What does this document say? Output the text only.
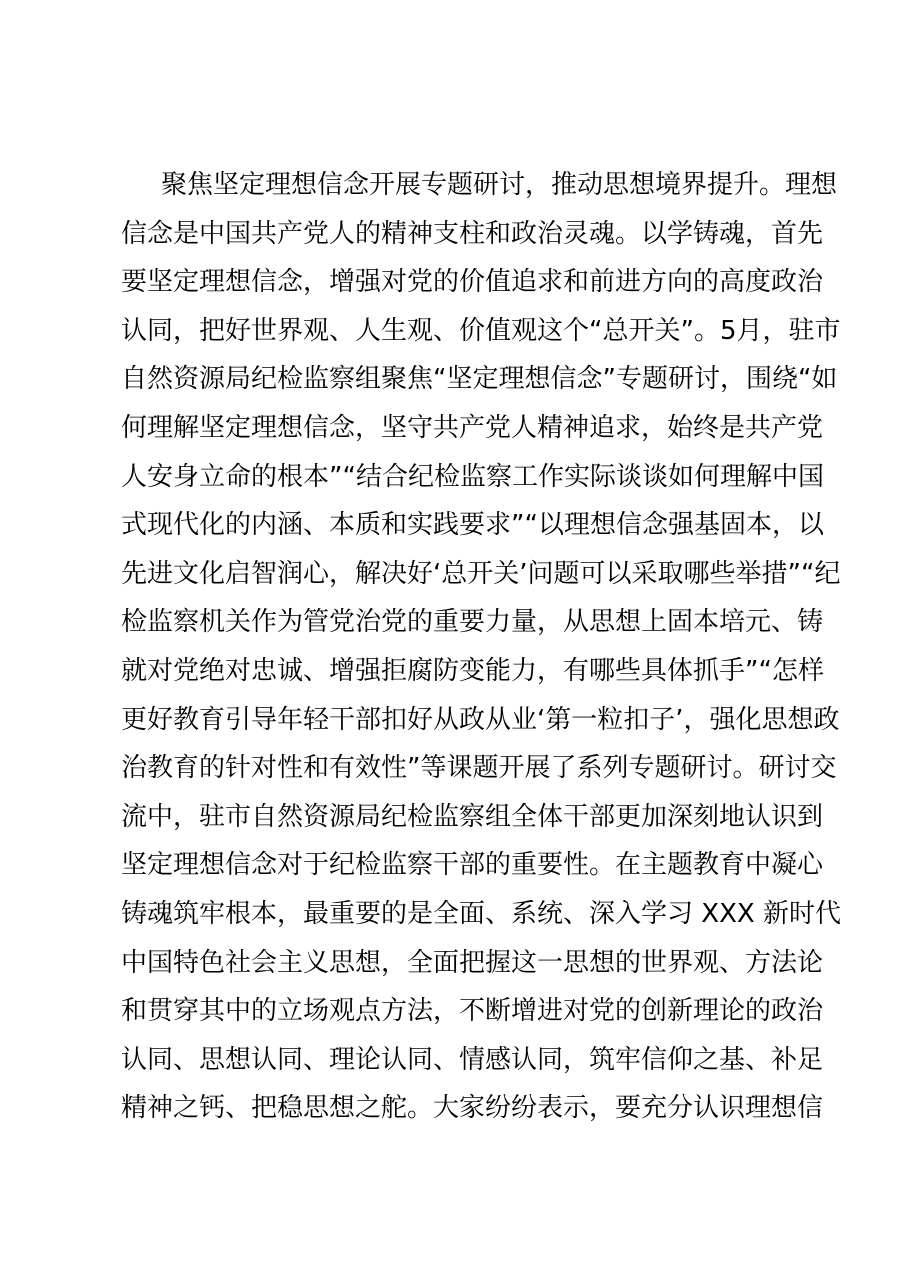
聚焦坚定理想信念开展专题研讨，推动思想境界提升。理想
信念是中国共产党人的精神支柱和政治灵魂。以学铸魂，首先
要坚定理想信念，增强对党的价值追求和前进方向的高度政治
认同，把好世界观、人生观、价值观这个“总开关”。5月，驻市
自然资源局纪检监察组聚焦“坚定理想信念”专题研讨，围绕“如
何理解坚定理想信念，坚守共产党人精神追求，始终是共产党
人安身立命的根本”“结合纪检监察工作实际谈谈如何理解中国
式现代化的内涵、本质和实践要求”“以理想信念强基固本，以
先进文化启智润心，解决好‘总开关’问题可以采取哪些举措”“纪
检监察机关作为管党治党的重要力量，从思想上固本培元、铸
就对党绝对忠诚、增强拒腐防变能力，有哪些具体抓手”“怎样
更好教育引导年轻干部扣好从政从业‘第一粒扣子’，强化思想政
治教育的针对性和有效性”等课题开展了系列专题研讨。研讨交
流中，驻市自然资源局纪检监察组全体干部更加深刻地认识到
坚定理想信念对于纪检监察干部的重要性。在主题教育中凝心
铸魂筑牢根本，最重要的是全面、系统、深入学习 XXX 新时代
中国特色社会主义思想，全面把握这一思想的世界观、方法论
和贯穿其中的立场观点方法，不断增进对党的创新理论的政治
认同、思想认同、理论认同、情感认同，筑牢信仰之基、补足
精神之钙、把稳思想之舵。大家纷纷表示，要充分认识理想信
